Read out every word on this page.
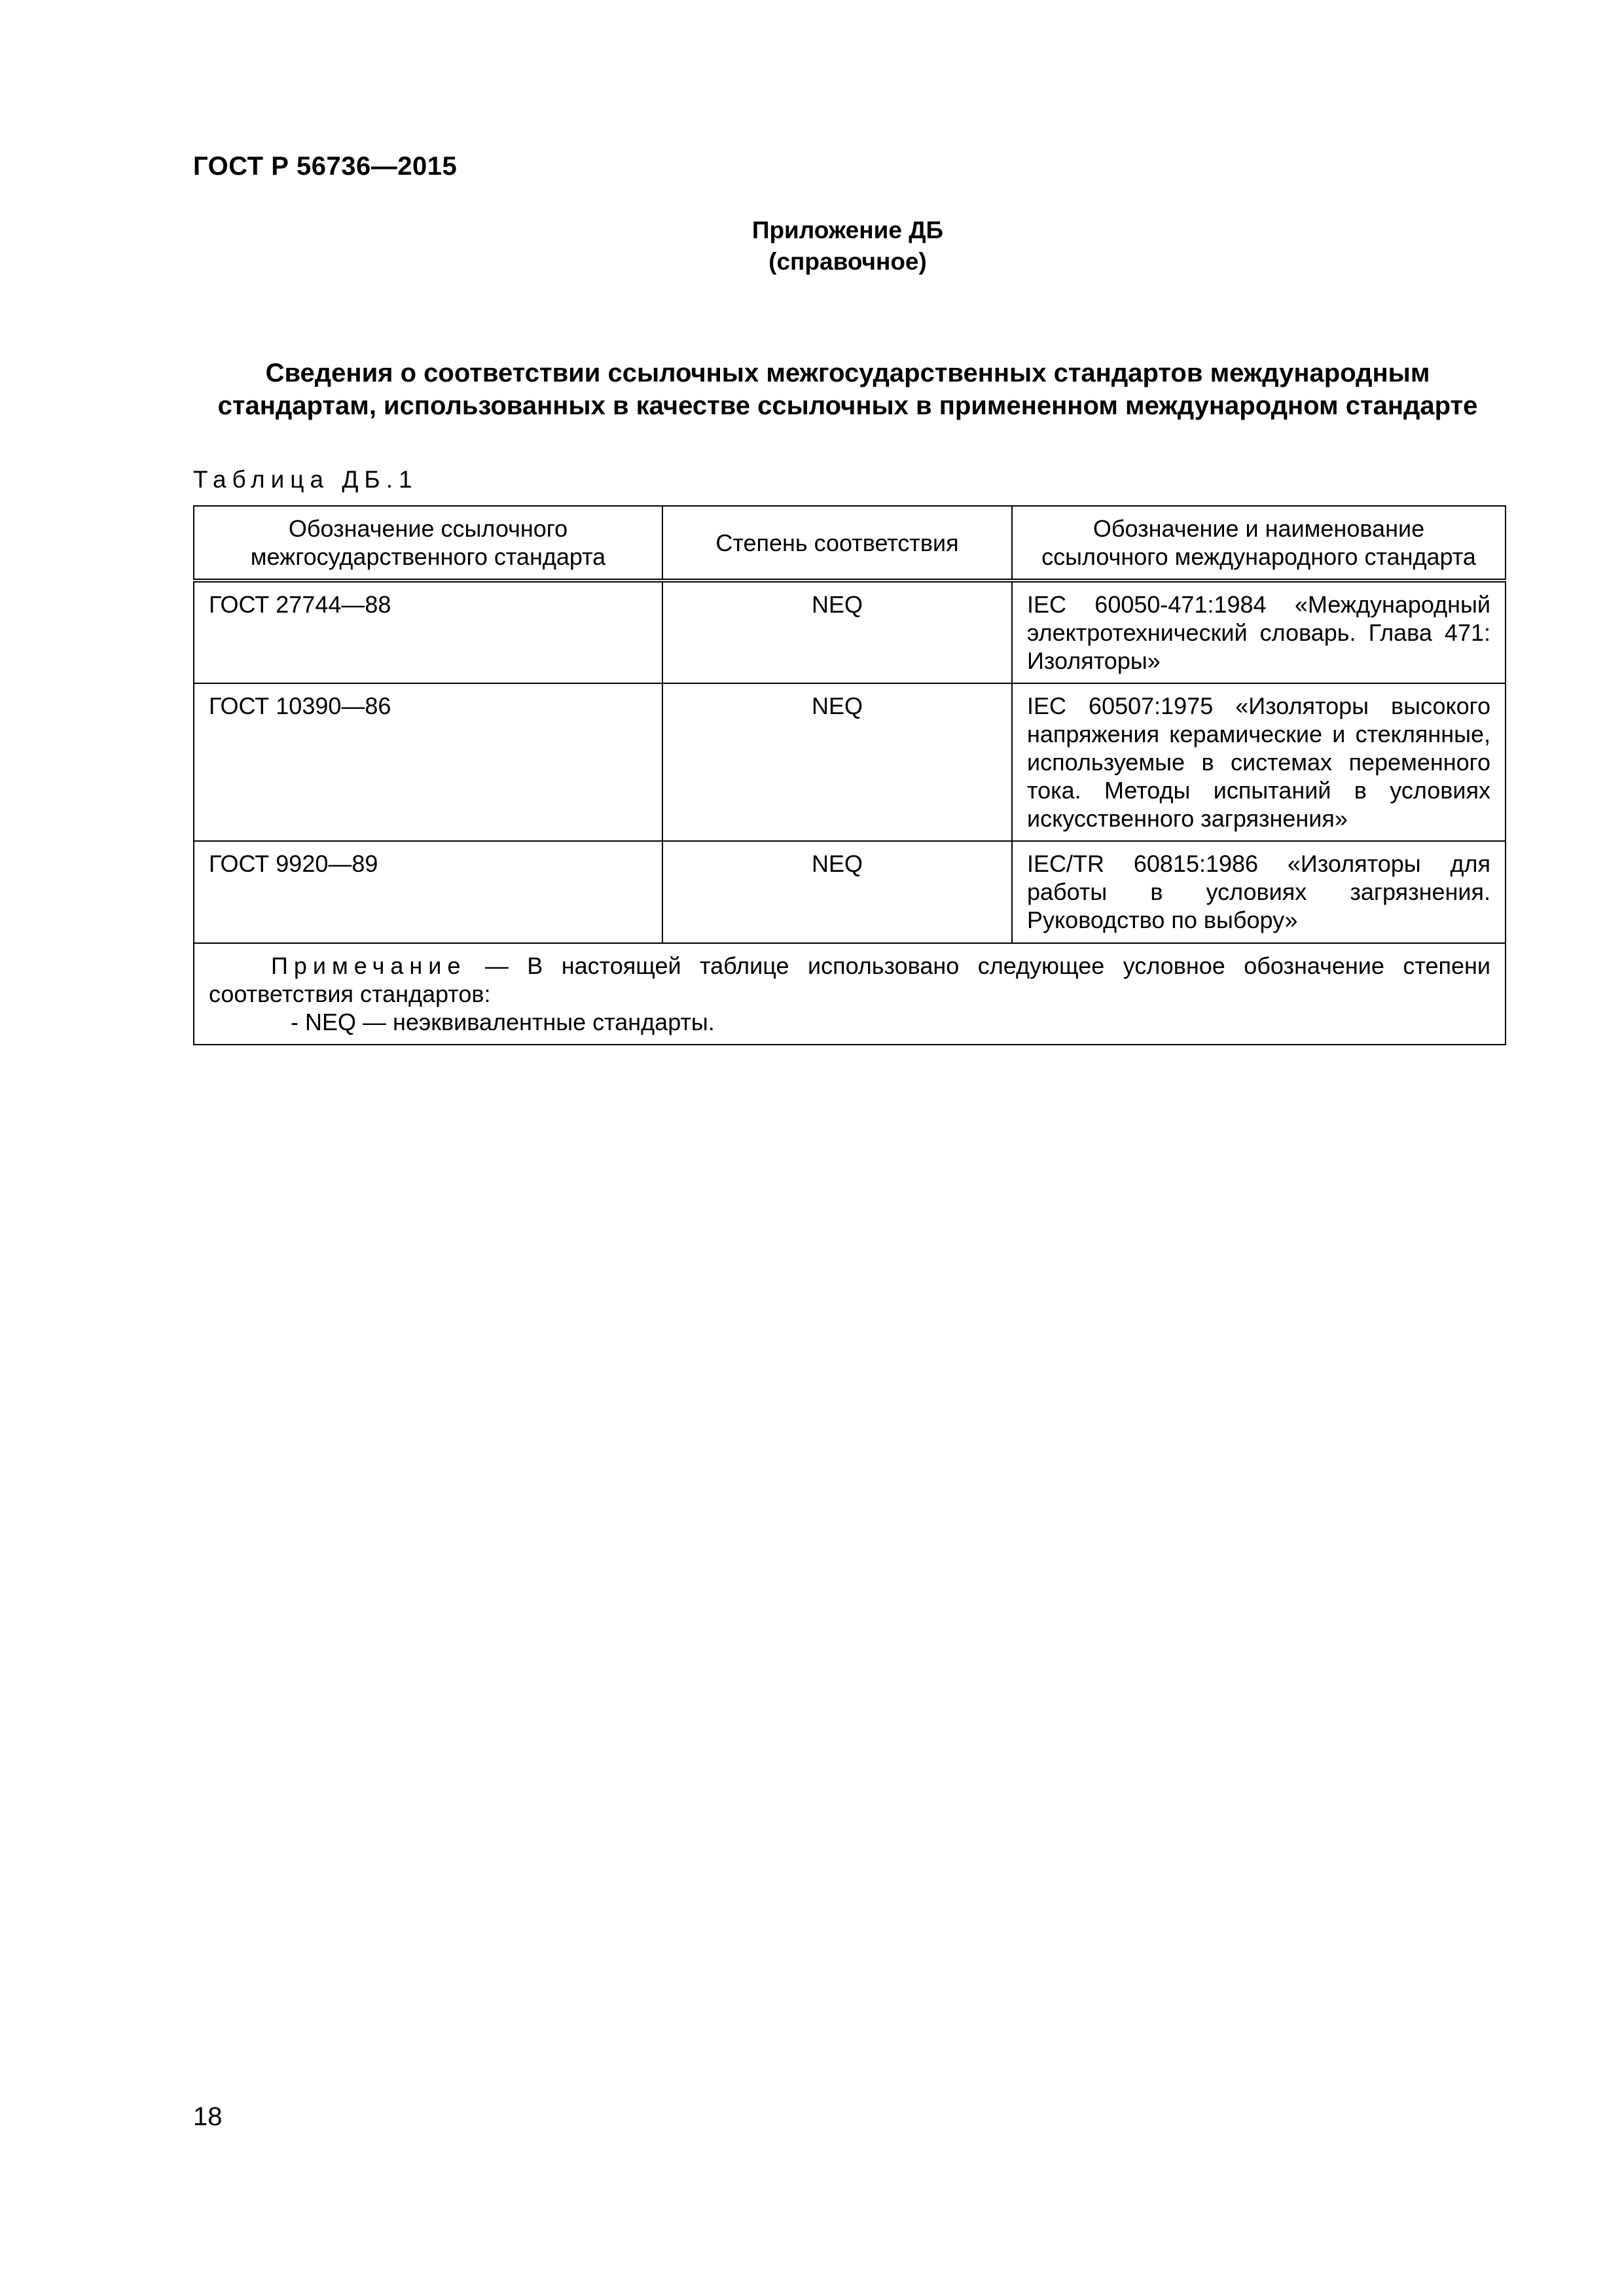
ГОСТ Р 56736—2015
Приложение ДБ
(справочное)
Сведения о соответствии ссылочных межгосударственных стандартов международным стандартам, использованных в качестве ссылочных в примененном международном стандарте
Таблица ДБ.1
Обозначение ссылочного межгосударственного стандарта	Степень соответствия	Обозначение и наименование ссылочного международного стандарта
ГОСТ 27744—88	NEQ	IEC 60050-471:1984 «Международный электротехнический словарь. Глава 471: Изоляторы»
ГОСТ 10390—86	NEQ	IEC 60507:1975 «Изоляторы высокого напряжения керамические и стеклянные, используемые в системах переменного тока. Методы испытаний в условиях искусственного загрязнения»
ГОСТ 9920—89	NEQ	IEC/TR 60815:1986 «Изоляторы для работы в условиях загрязнения. Руководство по выбору»
Примечание — В настоящей таблице использовано следующее условное обозначение степени соответствия стандартов:
- NEQ — неэквивалентные стандарты.		
18
